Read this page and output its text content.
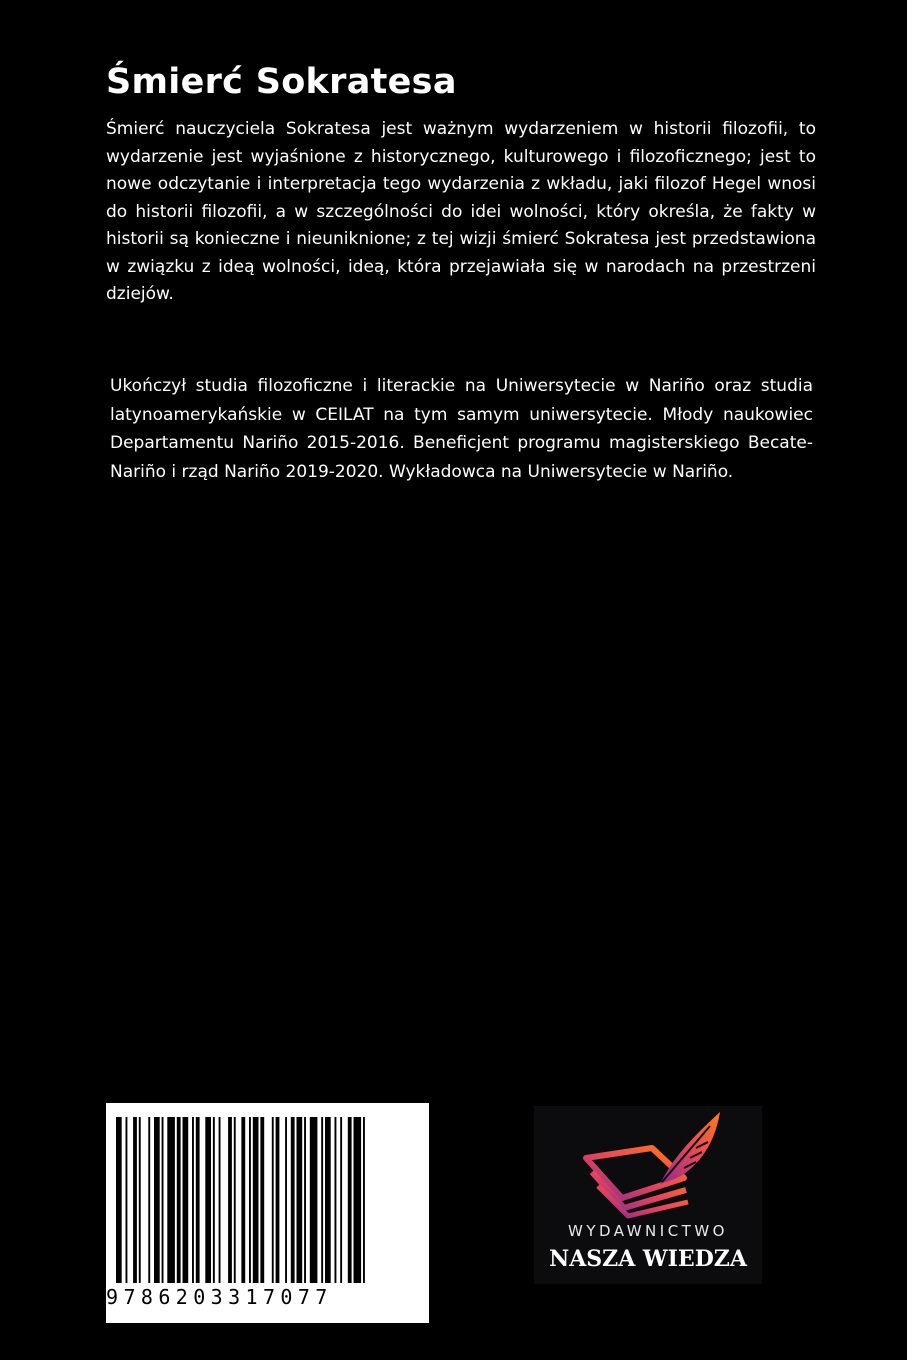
Śmierć Sokratesa

Śmierć nauczyciela Sokratesa jest ważnym wydarzeniem w historii filozofii, to wydarzenie jest wyjaśnione z historycznego, kulturowego i filozoficznego; jest to nowe odczytanie i interpretacja tego wydarzenia z wkładu, jaki filozof Hegel wnosi do historii filozofii, a w szczególności do idei wolności, który określa, że fakty w historii są konieczne i nieuniknione; z tej wizji śmierć Sokratesa jest przedstawiona w związku z ideą wolności, ideą, która przejawiała się w narodach na przestrzeni dziejów.

Ukończył studia filozoficzne i literackie na Uniwersytecie w Nariño oraz studia latynoamerykańskie w CEILAT na tym samym uniwersytecie. Młody naukowiec Departamentu Nariño 2015-2016. Beneficjent programu magisterskiego Becate-Nariño i rząd Nariño 2019-2020. Wykładowca na Uniwersytecie w Nariño.

9786203317077
WYDAWNICTWO
NASZA WIEDZA
